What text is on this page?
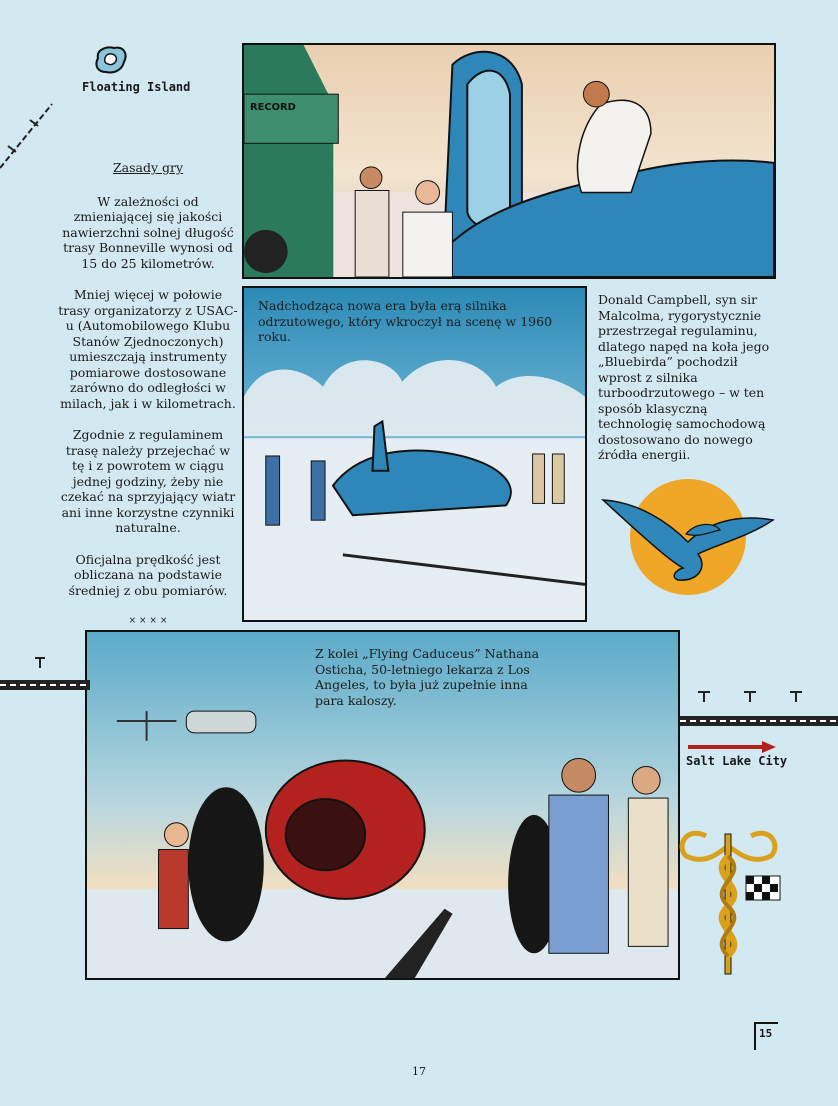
Floating Island

Zasady gry

W zależności od zmieniającej się jakości nawierzchni solnej długość trasy Bonneville wynosi od 15 do 25 kilometrów.

Mniej więcej w połowie trasy organizatorzy z USAC-u (Automobilowego Klubu Stanów Zjednoczonych) umieszczają instrumenty pomiarowe dostosowane zarówno do odległości w milach, jak i w kilometrach.

Zgodnie z regulaminem trasę należy przejechać w tę i z powrotem w ciągu jednej godziny, żeby nie czekać na sprzyjający wiatr ani inne korzystne czynniki naturalne.

Oficjalna prędkość jest obliczana na podstawie średniej z obu pomiarów.

× × × ×

RECORD
Nadchodząca nowa era była erą silnika odrzutowego, który wkroczył na scenę w 1960 roku.
Donald Campbell, syn sir Malcolma, rygorystycznie przestrzegał regulaminu, dlatego napęd na koła jego „Bluebirda” pochodził wprost z silnika turboodrzutowego – w ten sposób klasyczną technologię samochodową dostosowano do nowego źródła energii.
Z kolei „Flying Caduceus” Nathana Osticha, 50-letniego lekarza z Los Angeles, to była już zupełnie inna para kaloszy.
Salt Lake City
15
17
